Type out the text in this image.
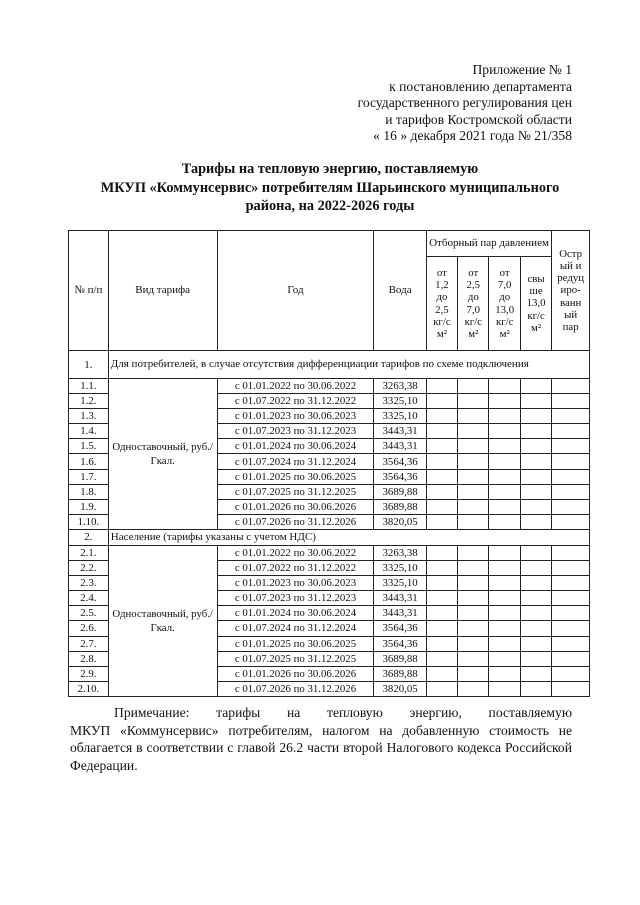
Приложение № 1
к постановлению департамента
государственного регулирования цен
и тарифов Костромской области
« 16 » декабря 2021 года № 21/358
Тарифы на тепловую энергию, поставляемую
МКУП «Коммунсервис» потребителям Шарьинского муниципального
района, на 2022-2026 годы
№ п/п	Вид тарифа	Год	Вода	Отборный пар давлением				Остр ый и редуц иро- ванн ый пар
				от 1,2 до 2,5 кг/с м²	от 2,5 до 7,0 кг/с м²	от 7,0 до 13,0 кг/с м²	свы ше 13,0 кг/с м²	
1.	Для потребителей, в случае отсутствия дифференциации тарифов по схеме подключения							
1.1.	Одноставочный, руб./Гкал.	с 01.01.2022 по 30.06.2022	3263,38					
1.2.		с 01.07.2022 по 31.12.2022	3325,10					
1.3.		с 01.01.2023 по 30.06.2023	3325,10					
1.4.		с 01.07.2023 по 31.12.2023	3443,31					
1.5.		с 01.01.2024 по 30.06.2024	3443,31					
1.6.		с 01.07.2024 по 31.12.2024	3564,36					
1.7.		с 01.01.2025 по 30.06.2025	3564,36					
1.8.		с 01.07.2025 по 31.12.2025	3689,88					
1.9.		с 01.01.2026 по 30.06.2026	3689,88					
1.10.		с 01.07.2026 по 31.12.2026	3820,05					
2.	Население (тарифы указаны с учетом НДС)							
2.1.	Одноставочный, руб./Гкал.	с 01.01.2022 по 30.06.2022	3263,38					
2.2.		с 01.07.2022 по 31.12.2022	3325,10					
2.3.		с 01.01.2023 по 30.06.2023	3325,10					
2.4.		с 01.07.2023 по 31.12.2023	3443,31					
2.5.		с 01.01.2024 по 30.06.2024	3443,31					
2.6.		с 01.07.2024 по 31.12.2024	3564,36					
2.7.		с 01.01.2025 по 30.06.2025	3564,36					
2.8.		с 01.07.2025 по 31.12.2025	3689,88					
2.9.		с 01.01.2026 по 30.06.2026	3689,88					
2.10.		с 01.07.2026 по 31.12.2026	3820,05					

Примечание: тарифы на тепловую энергию, поставляемую

МКУП «Коммунсервис» потребителям, налогом на добавленную стоимость не облагается в соответствии с главой 26.2 части второй Налогового кодекса Российской Федерации.
